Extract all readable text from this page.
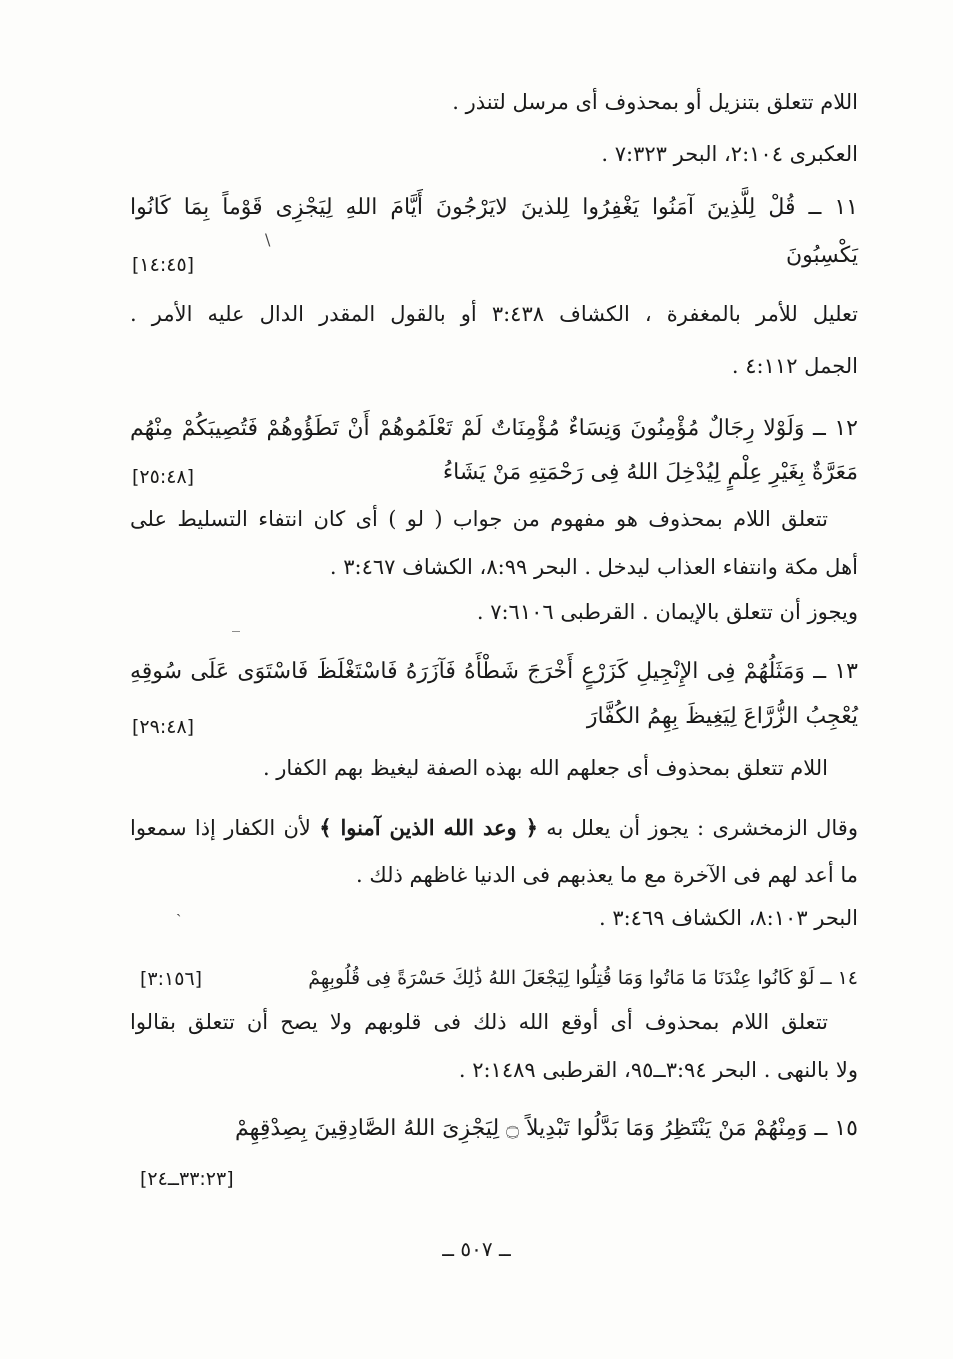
اللام تتعلق بتنزيل أو بمحذوف أى مرسل لتنذر .
العكبرى ٢:١٠٤، البحر ٧:٣٢٣ .
١١ ــ قُلْ لِلَّذِينَ آمَنُوا يَغْفِرُوا لِلذينَ لايَرْجُونَ أَيَّامَ اللهِ لِيَجْزِى قَوْماً بِمَا كَانُوا
يَكْسِبُونَ
[١٤:٤٥]
تعليل للأمر بالمغفرة ، الكشاف ٣:٤٣٨ أو بالقول المقدر الدال عليه الأمر .
الجمل ٤:١١٢ .
١٢ ــ وَلَوْلا رِجَالٌ مُؤْمِنُونَ وَنِسَاءٌ مُؤْمِنَاتٌ لَمْ تَعْلَمُوهُمْ أَنْ تَطَؤُوهُمْ فَتُصِيبَكُمْ مِنْهُم
مَعَرَّةٌ بِغَيْرِ عِلْمٍ لِيُدْخِلَ اللهُ فِى رَحْمَتِهِ مَنْ يَشَاءُ
[٢٥:٤٨]
تتعلق اللام بمحذوف هو مفهوم من جواب ( لو ) أى كان انتفاء التسليط على
أهل مكة وانتفاء العذاب ليدخل . البحر ٨:٩٩، الكشاف ٣:٤٦٧ .
ويجوز أن تتعلق بالإيمان . القرطبى ٧:٦١٠٦ .
١٣ ــ وَمَثَلُهُمْ فِى الإِنْجِيلِ كَزَرْعٍ أَخْرَجَ شَطْأَهُ فَآزَرَهُ فَاسْتَغْلَظَ فَاسْتَوَى عَلَى سُوقِهِ
يُعْجِبُ الزُّرَّاعَ لِيَغِيظَ بِهِمُ الكُفَّارَ
[٢٩:٤٨]
اللام تتعلق بمحذوف أى جعلهم الله بهذه الصفة ليغيظ بهم الكفار .
وقال الزمخشرى : يجوز أن يعلل به ﴿ وعد الله الذين آمنوا ﴾ لأن الكفار إذا سمعوا
ما أعد لهم فى الآخرة مع ما يعذبهم فى الدنيا غاظهم ذلك .
البحر ٨:١٠٣، الكشاف ٣:٤٦٩ .
١٤ ــ لَوْ كَانُوا عِنْدَنَا مَا مَاتُوا وَمَا قُتِلُوا لِيَجْعَلَ اللهُ ذَٰلِكَ حَسْرَةً فِى قُلُوبِهِمْ
[٣:١٥٦]
تتعلق اللام بمحذوف أى أوقع الله ذلك فى قلوبهم ولا يصح أن تتعلق بقالوا
ولا بالنهى . البحر ٣:٩٤ــ٩٥، القرطبى ٢:١٤٨٩ .
١٥ ــ وَمِنْهُمْ مَنْ يَنْتَظِرُ وَمَا بَدَّلُوا تَبْدِيلاً ۝ لِيَجْزِىَ اللهُ الصَّادِقِينَ بِصِدْقِهِمْ
[٣٣:٢٣ــ٢٤]
ــ ٥٠٧ ــ
\
‾
ˏ
